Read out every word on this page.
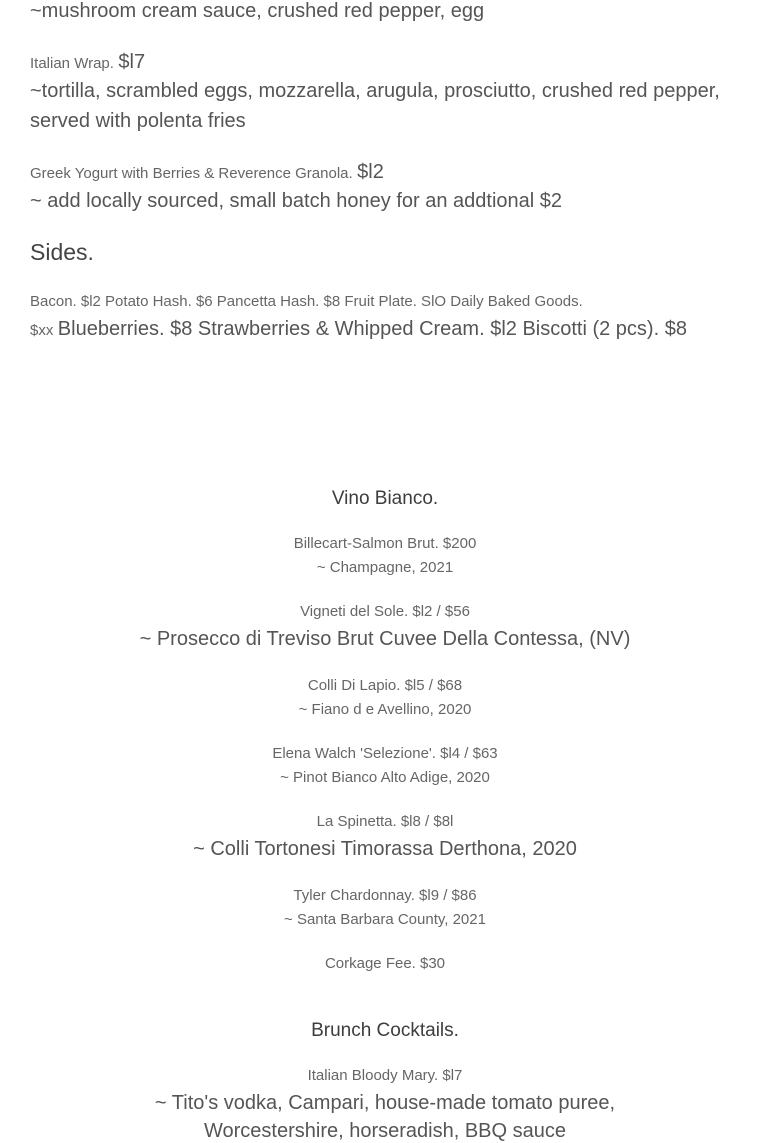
~mushroom cream sauce, crushed red pepper, egg
Italian Wrap. $l7
~tortilla, scrambled eggs, mozzarella, arugula, prosciutto, crushed red pepper,
served with polenta fries
Greek Yogurt with Berries & Reverence Granola. $l2
~ add locally sourced, small batch honey for an addtional $2
Sides.
Bacon. $l2 Potato Hash. $6 Pancetta Hash. $8 Fruit Plate. SlO Daily Baked Goods.
$xx Blueberries. $8 Strawberries & Whipped Cream. $l2 Biscotti (2 pcs). $8
Vino Bianco.
Billecart-Salmon Brut. $200
~ Champagne, 2021
Vigneti del Sole. $l2 / $56
~ Prosecco di Treviso Brut Cuvee Della Contessa, (NV)
Colli Di Lapio. $l5 / $68
~ Fiano d e Avellino, 2020
Elena Walch 'Selezione'. $l4 / $63
~ Pinot Bianco Alto Adige, 2020
La Spinetta. $l8 / $8l
~ Colli Tortonesi Timorassa Derthona, 2020
Tyler Chardonnay. $l9 / $86
~ Santa Barbara County, 2021
Corkage Fee. $30
Brunch Cocktails.
Italian Bloody Mary. $l7
~ Tito's vodka, Campari, house-made tomato puree,
Worcestershire, horseradish, BBQ sauce
